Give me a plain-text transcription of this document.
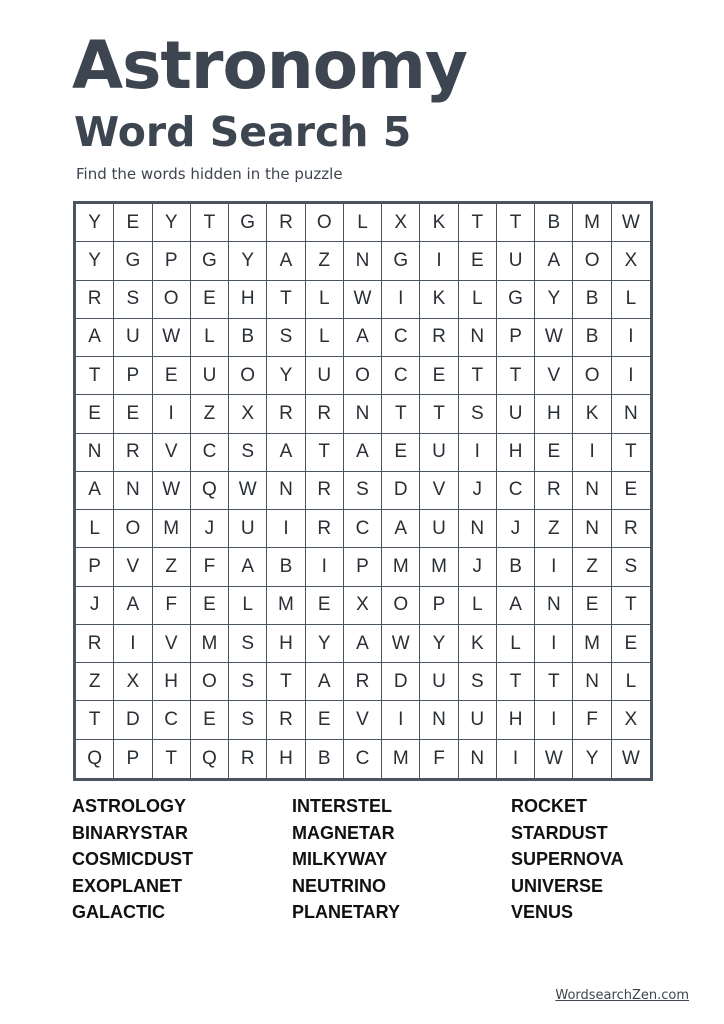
Astronomy
Word Search 5

Find the words hidden in the puzzle

Y	E	Y	T	G	R	O	L	X	K	T	T	B	M	W
Y	G	P	G	Y	A	Z	N	G	I	E	U	A	O	X
R	S	O	E	H	T	L	W	I	K	L	G	Y	B	L
A	U	W	L	B	S	L	A	C	R	N	P	W	B	I
T	P	E	U	O	Y	U	O	C	E	T	T	V	O	I
E	E	I	Z	X	R	R	N	T	T	S	U	H	K	N
N	R	V	C	S	A	T	A	E	U	I	H	E	I	T
A	N	W	Q	W	N	R	S	D	V	J	C	R	N	E
L	O	M	J	U	I	R	C	A	U	N	J	Z	N	R
P	V	Z	F	A	B	I	P	M	M	J	B	I	Z	S
J	A	F	E	L	M	E	X	O	P	L	A	N	E	T
R	I	V	M	S	H	Y	A	W	Y	K	L	I	M	E
Z	X	H	O	S	T	A	R	D	U	S	T	T	N	L
T	D	C	E	S	R	E	V	I	N	U	H	I	F	X
Q	P	T	Q	R	H	B	C	M	F	N	I	W	Y	W
ASTROLOGY
BINARYSTAR
COSMICDUST
EXOPLANET
GALACTIC
INTERSTEL
MAGNETAR
MILKYWAY
NEUTRINO
PLANETARY
ROCKET
STARDUST
SUPERNOVA
UNIVERSE
VENUS
WordsearchZen.com
